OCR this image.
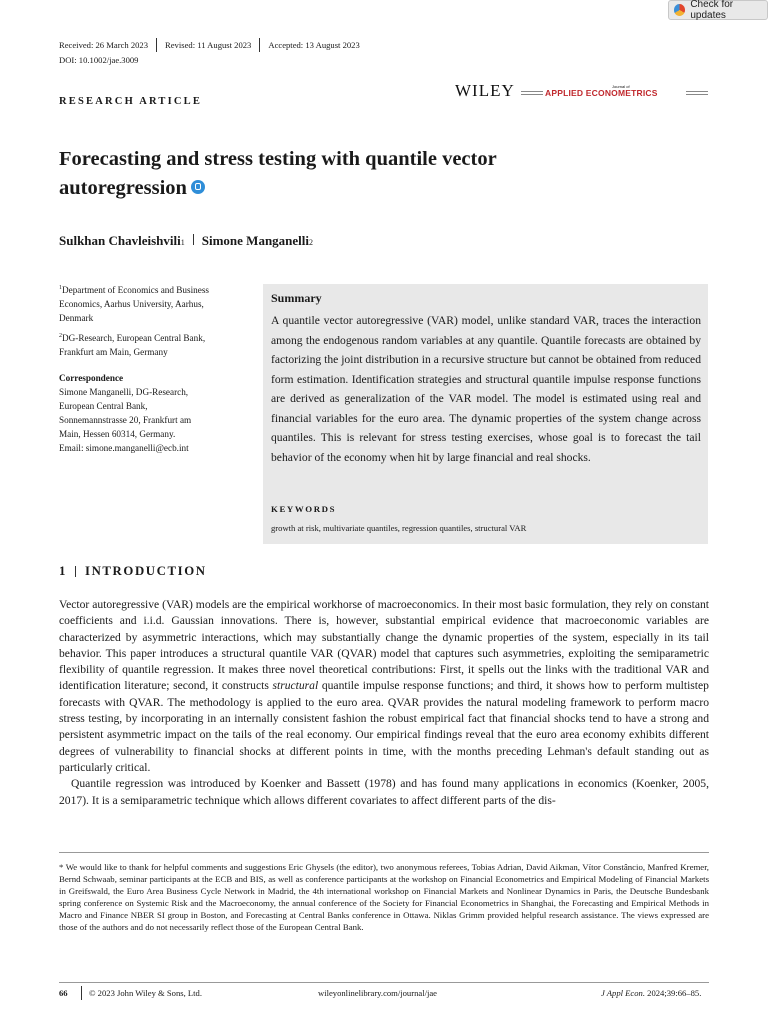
Check for updates
Received: 26 March 2023 Revised: 11 August 2023 Accepted: 13 August 2023
DOI: 10.1002/jae.3009
RESEARCH ARTICLE
WILEY	Journal of
APPLIED ECONOMETRICS
Forecasting and stress testing with quantile vector
autoregression
Sulkhan Chavleishvili 1 Simone Manganelli 2
$^1$Department of Economics and Business
Economics, Aarhus University, Aarhus,
Denmark
$^2$DG-Research, European Central Bank,
Frankfurt am Main, Germany
Correspondence
Simone Manganelli, DG-Research,
European Central Bank,
Sonnemannstrasse 20, Frankfurt am
Main, Hessen 60314, Germany.
Email: simone.manganelli@ecb.int
Summary
A quantile vector autoregressive (VAR) model, unlike standard VAR, traces the interaction among the endogenous random variables at any quantile. Quantile forecasts are obtained by factorizing the joint distribution in a recursive structure but cannot be obtained from reduced form estimation. Identification strategies and structural quantile impulse response functions are derived as generalization of the VAR model. The model is estimated using real and financial variables for the euro area. The dynamic properties of the system change across quantiles. This is relevant for stress testing exercises, whose goal is to forecast the tail behavior of the economy when hit by large financial and real shocks.
KEYWORDS
growth at risk, multivariate quantiles, regression quantiles, structural VAR
1 INTRODUCTION

Vector autoregressive (VAR) models are the empirical workhorse of macroeconomics. In their most basic formulation, they rely on constant coefficients and i.i.d. Gaussian innovations. There is, however, substantial empirical evidence that macroeconomic variables are characterized by asymmetric interactions, which may substantially change the dynamic properties of the system, especially in its tail behavior. This paper introduces a structural quantile VAR (QVAR) model that captures such asymmetries, exploiting the semiparametric flexibility of quantile regression. It makes three novel theoretical contributions: First, it spells out the links with the traditional VAR and identification literature; second, it constructs structural quantile impulse response functions; and third, it shows how to perform multistep forecasts with QVAR. The methodology is applied to the euro area. QVAR provides the natural modeling framework to perform macro stress testing, by incorporating in an internally consistent fashion the robust empirical fact that financial shocks tend to have a strong and persistent asymmetric impact on the tails of the real economy. Our empirical findings reveal that the euro area economy exhibits different degrees of vulnerability to financial shocks at different points in time, with the months preceding Lehman's default standing out as particularly critical.

Quantile regression was introduced by Koenker and Bassett (1978) and has found many applications in economics (Koenker, 2005, 2017). It is a semiparametric technique which allows different covariates to affect different parts of the dis-

* We would like to thank for helpful comments and suggestions Eric Ghysels (the editor), two anonymous referees, Tobias Adrian, David Aikman, Vítor Constâncio, Manfred Kremer, Bernd Schwaab, seminar participants at the ECB and BIS, as well as conference participants at the workshop on Financial Econometrics and Empirical Modeling of Financial Markets in Greifswald, the Euro Area Business Cycle Network in Madrid, the 4th international workshop on Financial Markets and Nonlinear Dynamics in Paris, the Deutsche Bundesbank spring conference on Systemic Risk and the Macroeconomy, the annual conference of the Society for Financial Econometrics in Shanghai, the Forecasting and Empirical Methods in Macro and Finance NBER SI group in Boston, and Forecasting at Central Banks conference in Ottawa. Niklas Grimm provided helpful research assistance. The views expressed are those of the authors and do not necessarily reflect those of the European Central Bank.
66 © 2023 John Wiley & Sons, Ltd.	wileyonlinelibrary.com/journal/jae	J Appl Econ. 2024;39:66–85.
